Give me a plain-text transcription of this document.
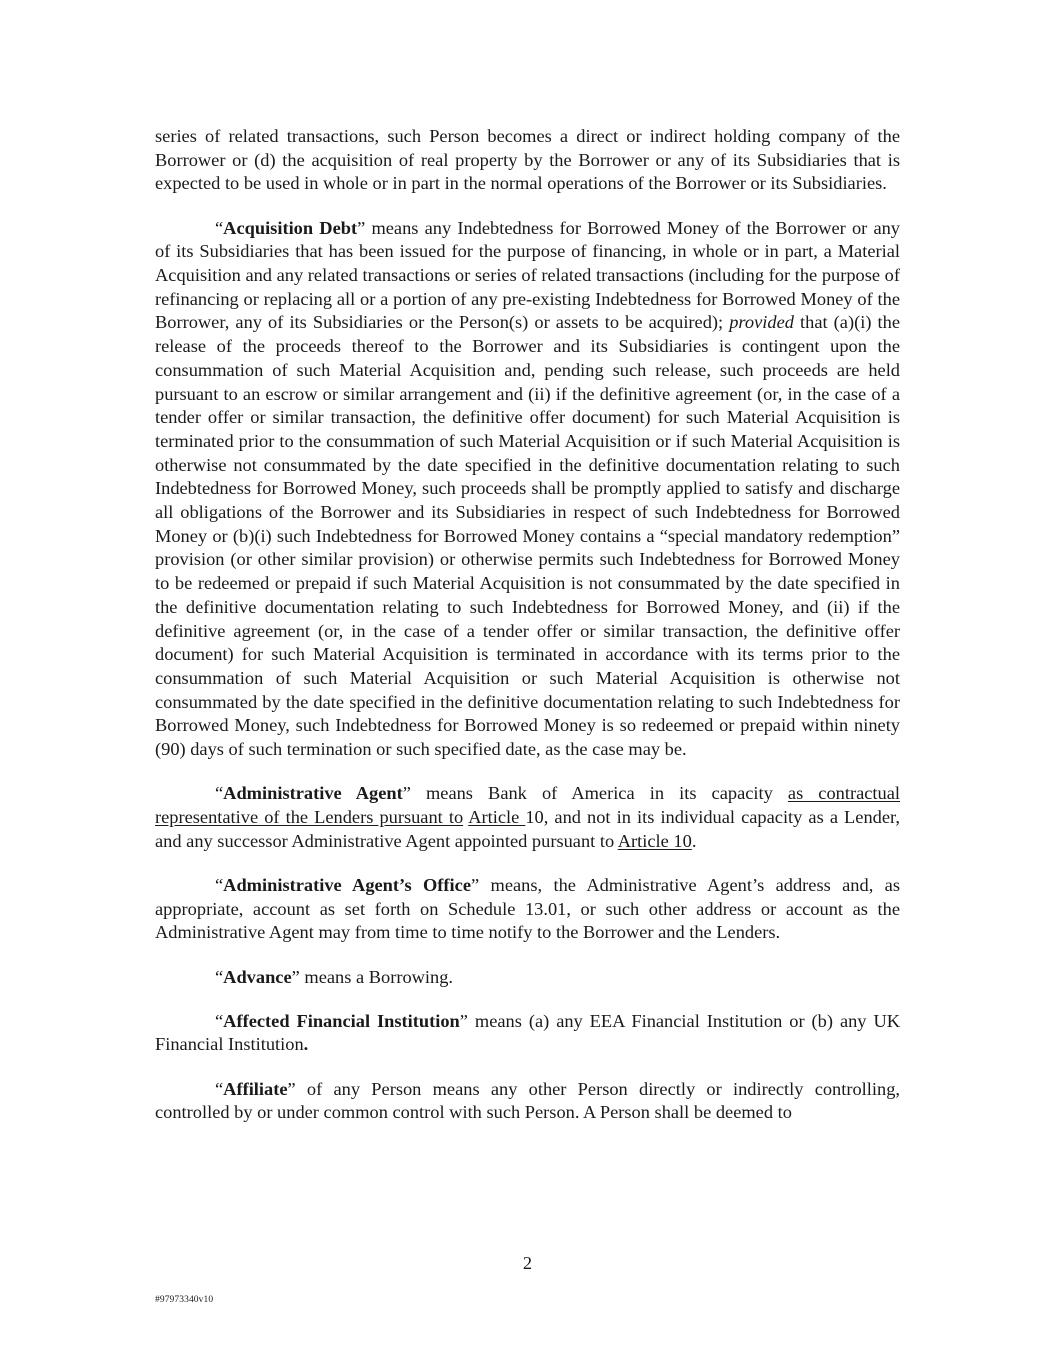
series of related transactions, such Person becomes a direct or indirect holding company of the Borrower or (d) the acquisition of real property by the Borrower or any of its Subsidiaries that is expected to be used in whole or in part in the normal operations of the Borrower or its Subsidiaries.

“Acquisition Debt” means any Indebtedness for Borrowed Money of the Borrower or any of its Subsidiaries that has been issued for the purpose of financing, in whole or in part, a Material Acquisition and any related transactions or series of related transactions (including for the purpose of refinancing or replacing all or a portion of any pre-existing Indebtedness for Borrowed Money of the Borrower, any of its Subsidiaries or the Person(s) or assets to be acquired); provided that (a)(i) the release of the proceeds thereof to the Borrower and its Subsidiaries is contingent upon the consummation of such Material Acquisition and, pending such release, such proceeds are held pursuant to an escrow or similar arrangement and (ii) if the definitive agreement (or, in the case of a tender offer or similar transaction, the definitive offer document) for such Material Acquisition is terminated prior to the consummation of such Material Acquisition or if such Material Acquisition is otherwise not consummated by the date specified in the definitive documentation relating to such Indebtedness for Borrowed Money, such proceeds shall be promptly applied to satisfy and discharge all obligations of the Borrower and its Subsidiaries in respect of such Indebtedness for Borrowed Money or (b)(i) such Indebtedness for Borrowed Money contains a “special mandatory redemption” provision (or other similar provision) or otherwise permits such Indebtedness for Borrowed Money to be redeemed or prepaid if such Material Acquisition is not consummated by the date specified in the definitive documentation relating to such Indebtedness for Borrowed Money, and (ii) if the definitive agreement (or, in the case of a tender offer or similar transaction, the definitive offer document) for such Material Acquisition is terminated in accordance with its terms prior to the consummation of such Material Acquisition or such Material Acquisition is otherwise not consummated by the date specified in the definitive documentation relating to such Indebtedness for Borrowed Money, such Indebtedness for Borrowed Money is so redeemed or prepaid within ninety (90) days of such termination or such specified date, as the case may be.

“Administrative Agent” means Bank of America in its capacity as contractual representative of the Lenders pursuant to Article 10, and not in its individual capacity as a Lender, and any successor Administrative Agent appointed pursuant to Article 10.

“Administrative Agent’s Office” means, the Administrative Agent’s address and, as appropriate, account as set forth on Schedule 13.01, or such other address or account as the Administrative Agent may from time to time notify to the Borrower and the Lenders.

“Advance” means a Borrowing.

“Affected Financial Institution” means (a) any EEA Financial Institution or (b) any UK Financial Institution.

“Affiliate” of any Person means any other Person directly or indirectly controlling, controlled by or under common control with such Person. A Person shall be deemed to

2
#97973340v10
